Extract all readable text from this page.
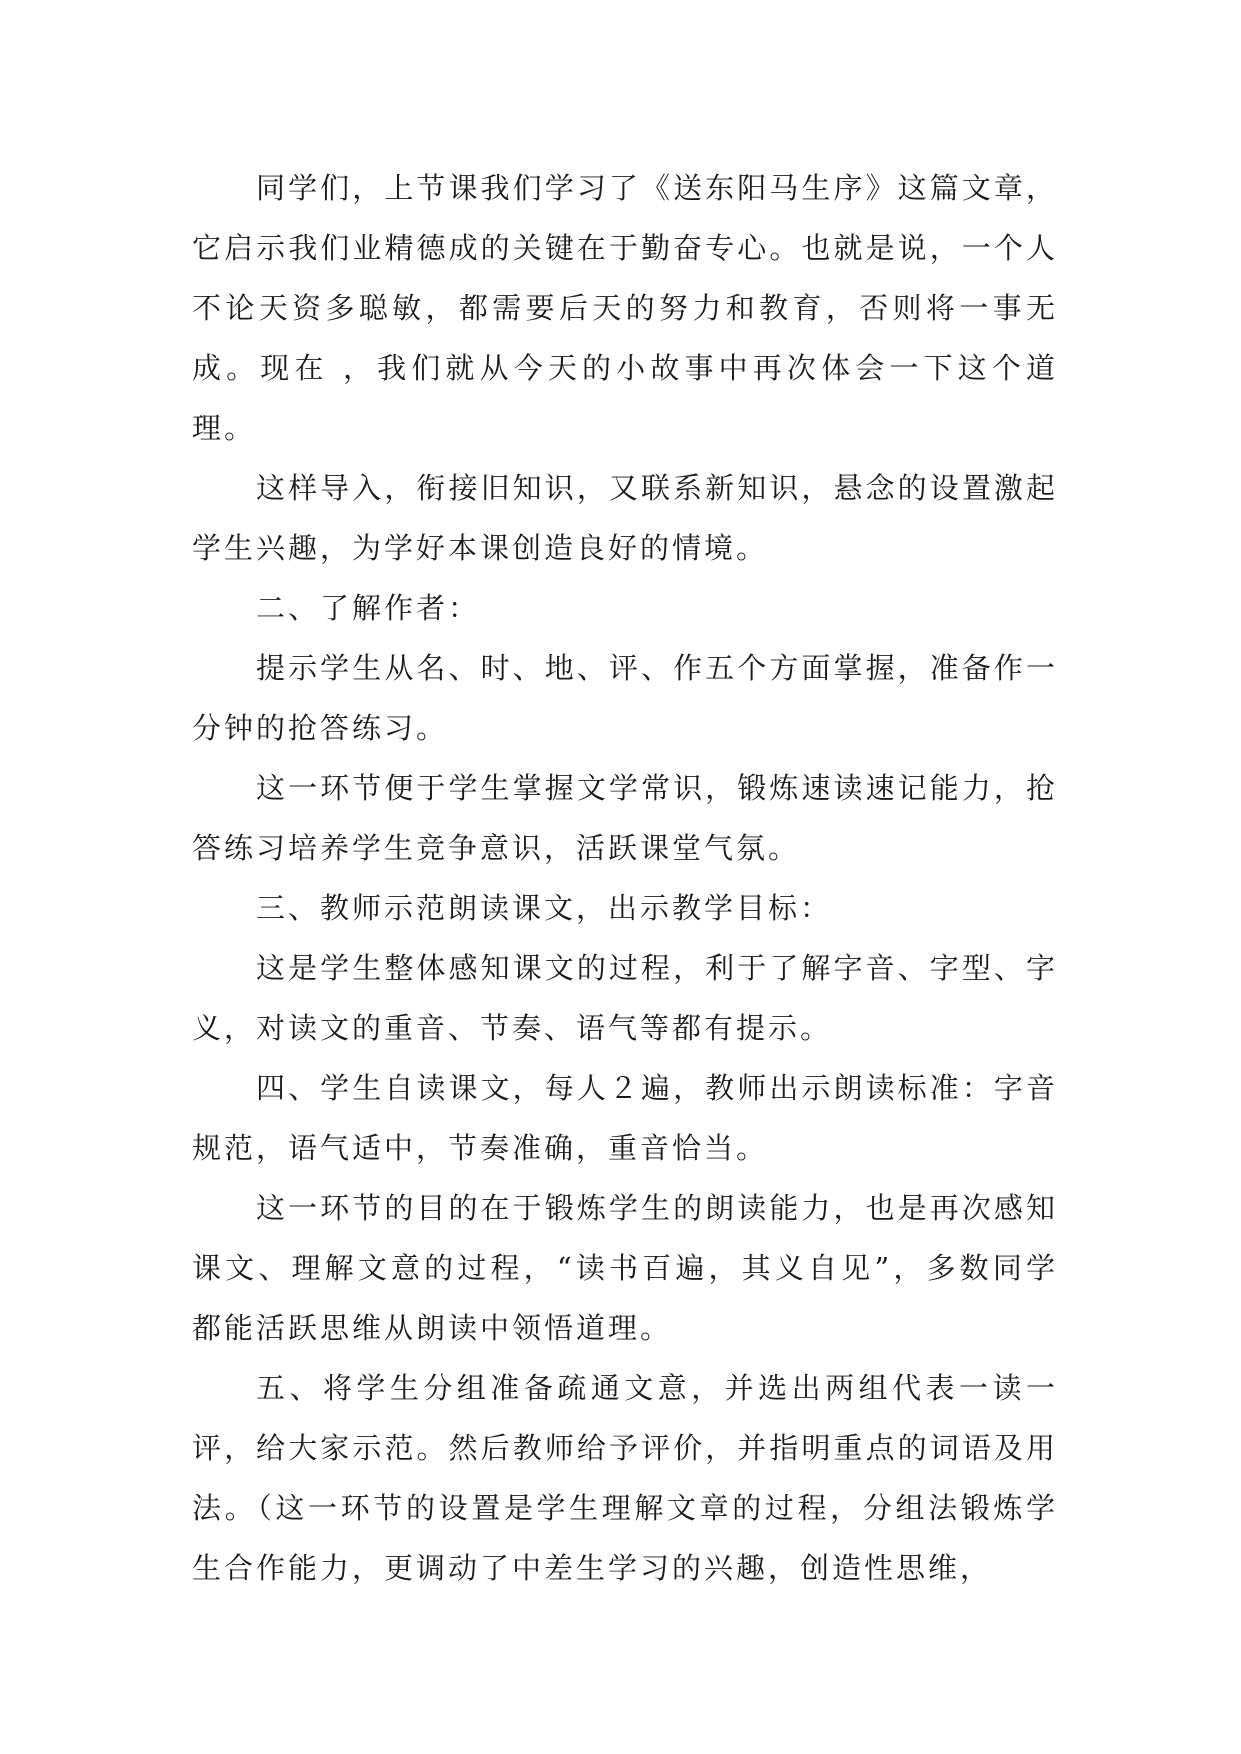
同学们，上节课我们学习了《送东阳马生序》这篇文章，它启示我们业精德成的关键在于勤奋专心。也就是说，一个人不论天资多聪敏，都需要后天的努力和教育，否则将一事无成。现在 ，我们就从今天的小故事中再次体会一下这个道理。

这样导入，衔接旧知识，又联系新知识，悬念的设置激起学生兴趣，为学好本课创造良好的情境。

二、了解作者：

提示学生从名、时、地、评、作五个方面掌握，准备作一分钟的抢答练习。

这一环节便于学生掌握文学常识，锻炼速读速记能力，抢答练习培养学生竞争意识，活跃课堂气氛。

三、教师示范朗读课文，出示教学目标：

这是学生整体感知课文的过程，利于了解字音、字型、字义，对读文的重音、节奏、语气等都有提示。

四、学生自读课文，每人２遍，教师出示朗读标准：字音规范，语气适中，节奏准确，重音恰当。

这一环节的目的在于锻炼学生的朗读能力，也是再次感知课文、理解文意的过程，“读书百遍，其义自见”，多数同学都能活跃思维从朗读中领悟道理。

五、将学生分组准备疏通文意，并选出两组代表一读一评，给大家示范。然后教师给予评价，并指明重点的词语及用法。（这一环节的设置是学生理解文章的过程，分组法锻炼学生合作能力，更调动了中差生学习的兴趣，创造性思维，
